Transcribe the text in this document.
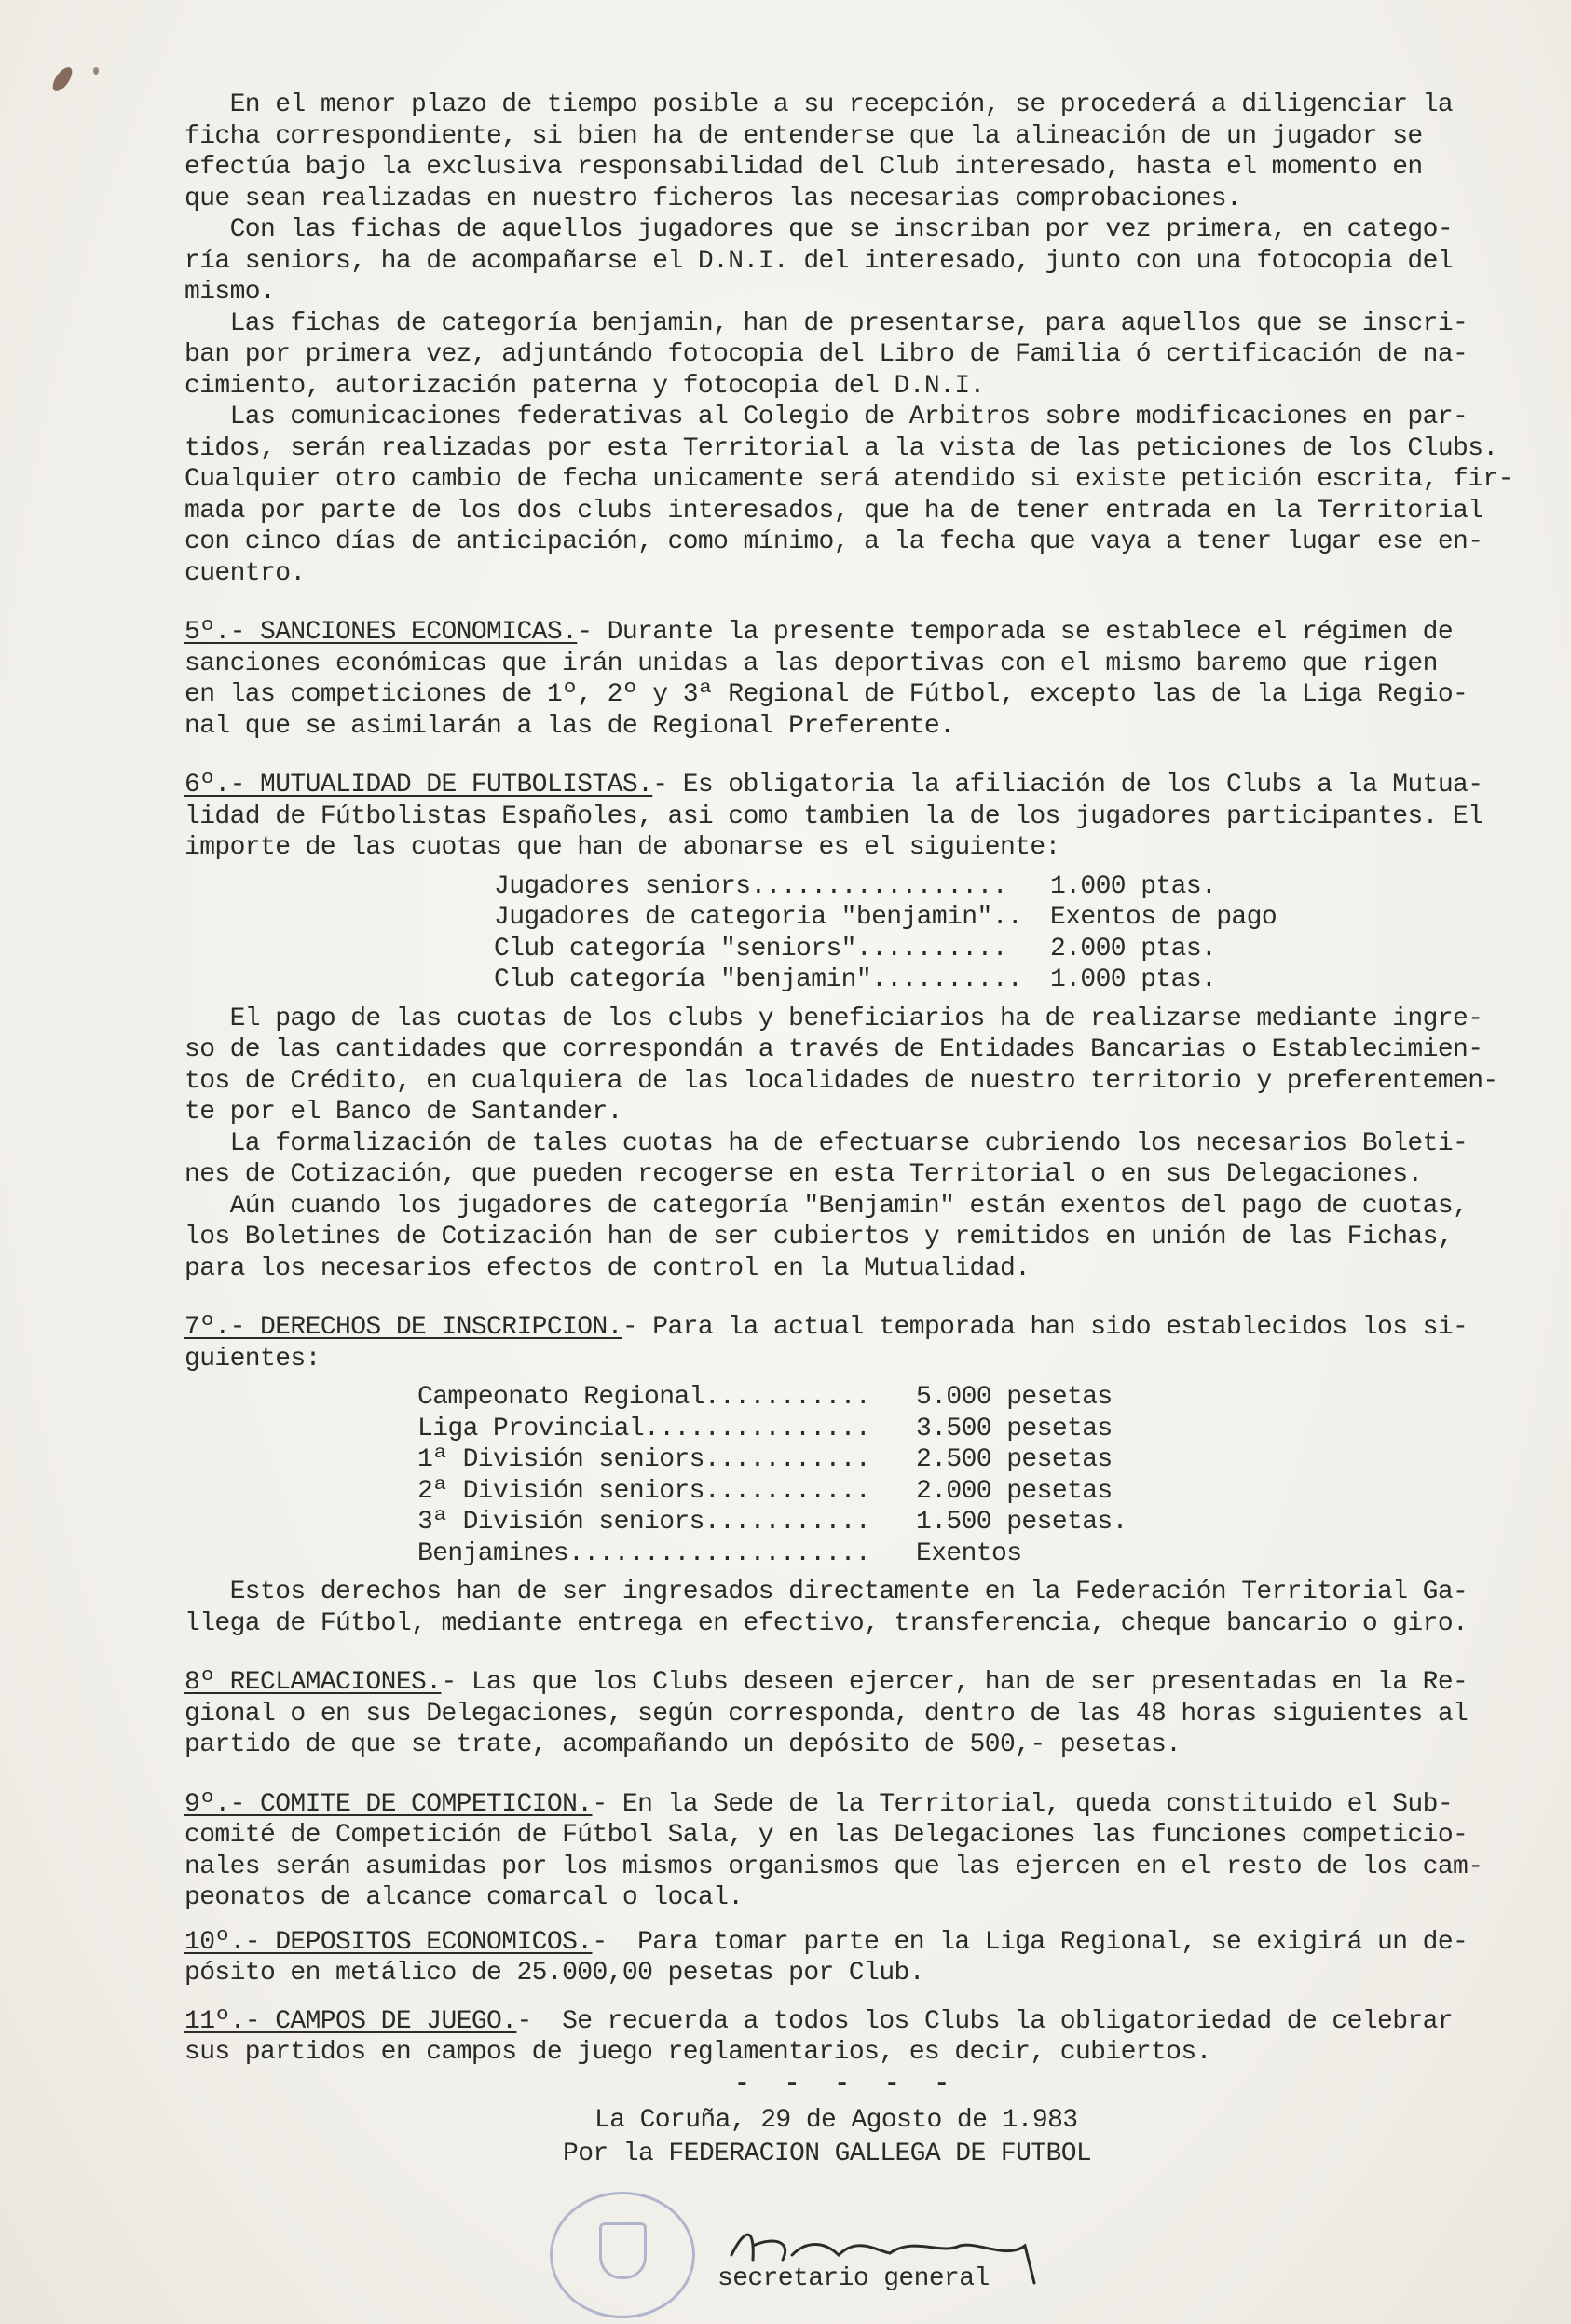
En el menor plazo de tiempo posible a su recepción, se procederá a diligenciar la
ficha correspondiente, si bien ha de entenderse que la alineación de un jugador se
efectúa bajo la exclusiva responsabilidad del Club interesado, hasta el momento en
que sean realizadas en nuestro ficheros las necesarias comprobaciones.
Con las fichas de aquellos jugadores que se inscriban por vez primera, en catego-
ría seniors, ha de acompañarse el D.N.I. del interesado, junto con una fotocopia del
mismo.
Las fichas de categoría benjamin, han de presentarse, para aquellos que se inscri-
ban por primera vez, adjuntándo fotocopia del Libro de Familia ó certificación de na-
cimiento, autorización paterna y fotocopia del D.N.I.
Las comunicaciones federativas al Colegio de Arbitros sobre modificaciones en par-
tidos, serán realizadas por esta Territorial a la vista de las peticiones de los Clubs.
Cualquier otro cambio de fecha unicamente será atendido si existe petición escrita, fir-
mada por parte de los dos clubs interesados, que ha de tener entrada en la Territorial
con cinco días de anticipación, como mínimo, a la fecha que vaya a tener lugar ese en-
cuentro.
5º.- SANCIONES ECONOMICAS.- Durante la presente temporada se establece el régimen de
sanciones económicas que irán unidas a las deportivas con el mismo baremo que rigen
en las competiciones de 1º, 2º y 3ª Regional de Fútbol, excepto las de la Liga Regio-
nal que se asimilarán a las de Regional Preferente.
6º.- MUTUALIDAD DE FUTBOLISTAS.- Es obligatoria la afiliación de los Clubs a la Mutua-
lidad de Fútbolistas Españoles, asi como tambien la de los jugadores participantes. El
importe de las cuotas que han de abonarse es el siguiente:
Jugadores seniors.................	1.000 ptas.
Jugadores de categoria "benjamin"..	Exentos de pago
Club categoría "seniors"..........	2.000 ptas.
Club categoría "benjamin"..........	1.000 ptas.
El pago de las cuotas de los clubs y beneficiarios ha de realizarse mediante ingre-
so de las cantidades que correspondán a través de Entidades Bancarias o Establecimien-
tos de Crédito, en cualquiera de las localidades de nuestro territorio y preferentemen-
te por el Banco de Santander.
La formalización de tales cuotas ha de efectuarse cubriendo los necesarios Boleti-
nes de Cotización, que pueden recogerse en esta Territorial o en sus Delegaciones.
Aún cuando los jugadores de categoría "Benjamin" están exentos del pago de cuotas,
los Boletines de Cotización han de ser cubiertos y remitidos en unión de las Fichas,
para los necesarios efectos de control en la Mutualidad.
7º.- DERECHOS DE INSCRIPCION.- Para la actual temporada han sido establecidos los si-
guientes:
Campeonato Regional...........	5.000 pesetas
Liga Provincial...............	3.500 pesetas
1ª División seniors...........	2.500 pesetas
2ª División seniors...........	2.000 pesetas
3ª División seniors...........	1.500 pesetas.
Benjamines....................	Exentos
Estos derechos han de ser ingresados directamente en la Federación Territorial Ga-
llega de Fútbol, mediante entrega en efectivo, transferencia, cheque bancario o giro.
8º RECLAMACIONES.- Las que los Clubs deseen ejercer, han de ser presentadas en la Re-
gional o en sus Delegaciones, según corresponda, dentro de las 48 horas siguientes al
partido de que se trate, acompañando un depósito de 500,- pesetas.
9º.- COMITE DE COMPETICION.- En la Sede de la Territorial, queda constituido el Sub-
comité de Competición de Fútbol Sala, y en las Delegaciones las funciones competicio-
nales serán asumidas por los mismos organismos que las ejercen en el resto de los cam-
peonatos de alcance comarcal o local.
10º.- DEPOSITOS ECONOMICOS.-  Para tomar parte en la Liga Regional, se exigirá un de-
pósito en metálico de 25.000,00 pesetas por Club.
11º.- CAMPOS DE JUEGO.-  Se recuerda a todos los Clubs la obligatoriedad de celebrar
sus partidos en campos de juego reglamentarios, es decir, cubiertos.
- - - - -
La Coruña, 29 de Agosto de 1.983
Por la FEDERACION GALLEGA DE FUTBOL
secretario general
